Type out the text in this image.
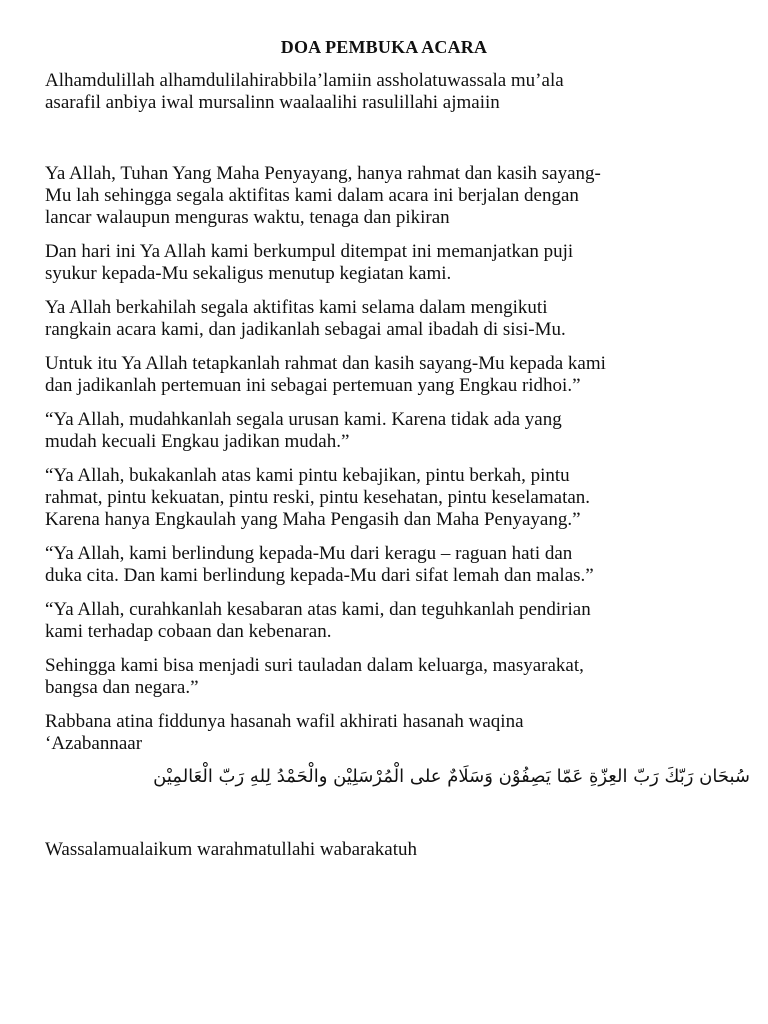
DOA PEMBUKA ACARA
Alhamdulillah alhamdulilahirabbila’lamiin assholatuwassala mu’ala
asarafil anbiya iwal mursalinn waalaalihi rasulillahi ajmaiin
Ya Allah, Tuhan Yang Maha Penyayang, hanya rahmat dan kasih sayang-
Mu lah sehingga segala aktifitas kami dalam acara ini berjalan dengan
lancar walaupun menguras waktu, tenaga dan pikiran
Dan hari ini Ya Allah kami berkumpul ditempat ini memanjatkan puji
syukur kepada-Mu sekaligus menutup kegiatan kami.
Ya Allah berkahilah segala aktifitas kami selama dalam mengikuti
rangkain acara kami, dan jadikanlah sebagai amal ibadah di sisi-Mu.
Untuk itu Ya Allah tetapkanlah rahmat dan kasih sayang-Mu kepada kami
dan jadikanlah pertemuan ini sebagai pertemuan yang Engkau ridhoi.”
“Ya Allah, mudahkanlah segala urusan kami. Karena tidak ada yang
mudah kecuali Engkau jadikan mudah.”
“Ya Allah, bukakanlah atas kami pintu kebajikan, pintu berkah, pintu
rahmat, pintu kekuatan, pintu reski, pintu kesehatan, pintu keselamatan.
Karena hanya Engkaulah yang Maha Pengasih dan Maha Penyayang.”
“Ya Allah, kami berlindung kepada-Mu dari keragu – raguan hati dan
duka cita. Dan kami berlindung kepada-Mu dari sifat lemah dan malas.”
“Ya Allah, curahkanlah kesabaran atas kami, dan teguhkanlah pendirian
kami terhadap cobaan dan kebenaran.
Sehingga kami bisa menjadi suri tauladan dalam keluarga, masyarakat,
bangsa dan negara.”
Rabbana atina fiddunya hasanah wafil akhirati hasanah waqina
‘Azabannaar
سُبحَان رَبّكَ رَبّ العِزّةِ عَمّا يَصِفُوْن وَسَلَامٌ على الْمُرْسَلِيْن والْحَمْدُ لِلهِ رَبّ الْعَالمِيْن
Wassalamualaikum warahmatullahi wabarakatuh
